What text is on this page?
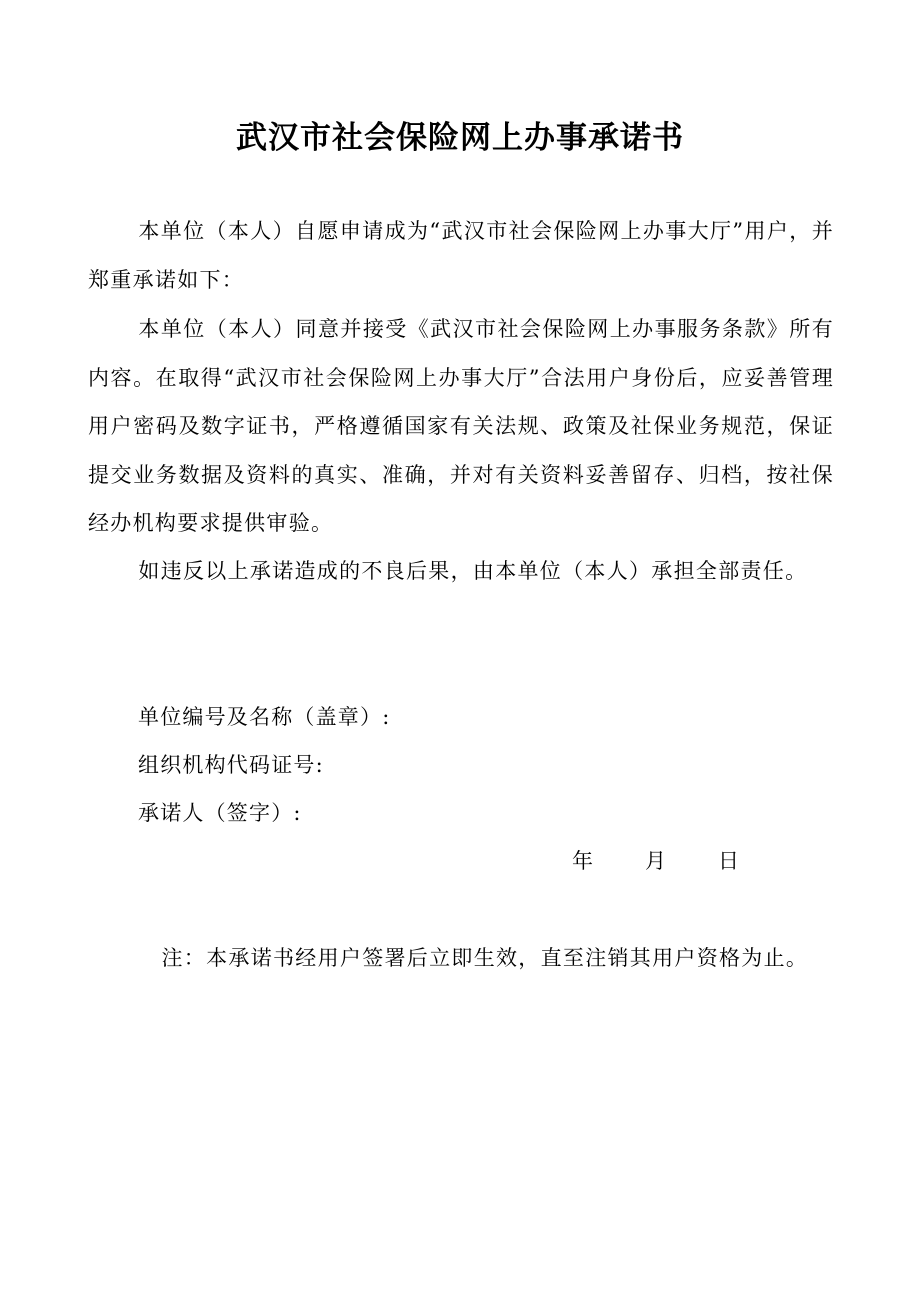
武汉市社会保险网上办事承诺书

本单位（本人）自愿申请成为“武汉市社会保险网上办事大厅”用户，并郑重承诺如下：

本单位（本人）同意并接受《武汉市社会保险网上办事服务条款》所有内容。在取得“武汉市社会保险网上办事大厅”合法用户身份后，应妥善管理用户密码及数字证书，严格遵循国家有关法规、政策及社保业务规范，保证提交业务数据及资料的真实、准确，并对有关资料妥善留存、归档，按社保经办机构要求提供审验。

如违反以上承诺造成的不良后果，由本单位（本人）承担全部责任。

单位编号及名称（盖章）:
组织机构代码证号:
承诺人（签字）:
年 月 日

注：本承诺书经用户签署后立即生效，直至注销其用户资格为止。
